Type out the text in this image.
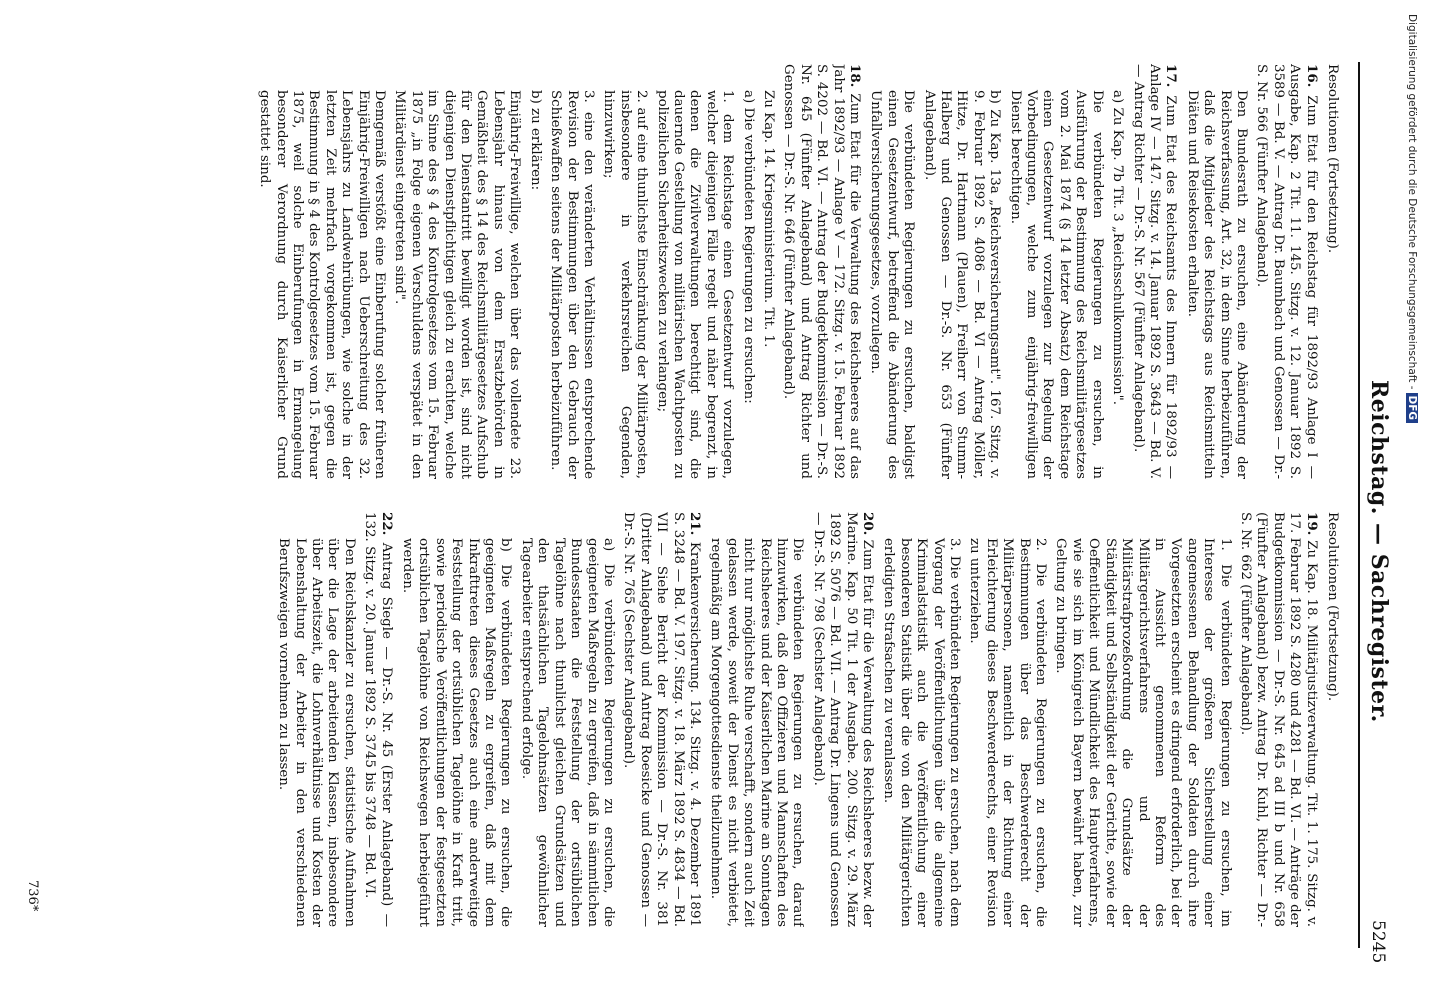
Reichstag. — Sachregister.
5245

Resolutionen (Fortsetzung).

16. Zum Etat für den Reichstag für 1892/93 Anlage I — Ausgabe, Kap. 2 Tit. 11. 145. Sitzg. v. 12. Januar 1892 S. 3589 — Bd. V. — Antrag Dr. Baumbach und Genossen — Dr.-S. Nr. 566 (Fünfter Anlageband).

Den Bundesrath zu ersuchen, eine Abänderung der Reichsverfassung, Art. 32, in dem Sinne herbeizuführen, daß die Mitglieder des Reichstags aus Reichsmitteln Diäten und Reisekosten erhalten.

17. Zum Etat des Reichsamts des Innern für 1892/93 — Anlage IV — 147. Sitzg. v. 14. Januar 1892 S. 3643 — Bd. V. — Antrag Richter — Dr.-S. Nr. 567 (Fünfter Anlageband).

a) Zu Kap. 7b Tit. 3 „Reichsschulkommission".

Die verbündeten Regierungen zu ersuchen, in Ausführung der Bestimmung des Reichsmilitärgesetzes vom 2. Mai 1874 (§ 14 letzter Absatz) dem Reichstage einen Gesetzentwurf vorzulegen zur Regelung der Vorbedingungen, welche zum einjährig-freiwilligen Dienst berechtigen.

b) Zu Kap. 13a „Reichsversicherungsamt". 167. Sitzg. v. 9. Februar 1892 S. 4086 — Bd. VI — Antrag Möller, Hitze, Dr. Hartmann (Plauen), Freiherr von Stumm-Halberg und Genossen — Dr.-S. Nr. 653 (Fünfter Anlageband).

Die verbündeten Regierungen zu ersuchen, baldigst einen Gesetzentwurf, betreffend die Abänderung des Unfallversicherungsgesetzes, vorzulegen.

18. Zum Etat für die Verwaltung des Reichsheeres auf das Jahr 1892/93 — Anlage V — 172. Sitzg. v. 15. Februar 1892 S. 4202 — Bd. VI. — Antrag der Budgetkommission — Dr.-S. Nr. 645 (Fünfter Anlageband) und Antrag Richter und Genossen — Dr.-S. Nr. 646 (Fünfter Anlageband).

Zu Kap. 14. Kriegsministerium. Tit. 1.

a) Die verbündeten Regierungen zu ersuchen:

1. dem Reichstage einen Gesetzentwurf vorzulegen, welcher diejenigen Fälle regelt und näher begrenzt, in denen die Zivilverwaltungen berechtigt sind, die dauernde Gestellung von militärischen Wachtposten zu polizeilichen Sicherheitszwecken zu verlangen;

2. auf eine thunlichste Einschränkung der Militärposten, insbesondere in verkehrsreichen Gegenden, hinzuwirken;

3. eine den veränderten Verhältnissen entsprechende Revision der Bestimmungen über den Gebrauch der Schießwaffen seitens der Militärposten herbeizuführen.

b) zu erklären:

Einjährig-Freiwillige, welchen über das vollendete 23. Lebensjahr hinaus von dem Ersatzbehörden in Gemäßheit des § 14 des Reichsmilitärgesetzes Aufschub für den Dienstantritt bewilligt worden ist, sind nicht diejenigen Dienstpflichtigen gleich zu erachten, welche im Sinne des § 4 des Kontrolgesetzes vom 15. Februar 1875 „in Folge eigenen Verschuldens verspätet in den Militärdienst eingetreten sind".

Demgemäß verstößt eine Einberufung solcher früheren Einjährig-Freiwilligen nach Ueberschreitung des 32. Lebensjahrs zu Landwehrübungen, wie solche in der letzten Zeit mehrfach vorgekommen ist, gegen die Bestimmung in § 4 des Kontrolgesetzes vom 15. Februar 1875, weil solche Einberufungen in Ermangelung besonderer Verordnung durch Kaiserlicher Grund gestattet sind.

Resolutionen (Fortsetzung).

19. Zu Kap. 18. Militärjustizverwaltung. Tit. 1. 175. Sitzg. v. 17. Februar 1892 S. 4280 und 4281 — Bd. VI. — Anträge der Budgetkommission — Dr.-S. Nr. 645 ad III b und Nr. 658 (Fünfter Anlageband) bezw. Antrag Dr. Kuhl, Richter — Dr.-S. Nr. 662 (Fünfter Anlageband).

1. Die verbündeten Regierungen zu ersuchen, im Interesse der größeren Sicherstellung einer angemessenen Behandlung der Soldaten durch ihre Vorgesetzten erscheint es dringend erforderlich, bei der in Aussicht genommenen Reform des Militärgerichtsverfahrens und der Militärstrafprozeßordnung die Grundsätze der Ständigkeit und Selbständigkeit der Gerichte, sowie der Oeffentlichkeit und Mündlichkeit des Hauptverfahrens, wie sie sich im Königreich Bayern bewährt haben, zur Geltung zu bringen.

2. Die verbündeten Regierungen zu ersuchen, die Bestimmungen über das Beschwerderecht der Militärpersonen, namentlich in der Richtung einer Erleichterung dieses Beschwerderechts, einer Revision zu unterziehen.

3. Die verbündeten Regierungen zu ersuchen, nach dem Vorgang der Veröffentlichungen über die allgemeine Kriminalstatistik auch die Veröffentlichung einer besonderen Statistik über die von den Militärgerichten erledigten Strafsachen zu veranlassen.

20. Zum Etat für die Verwaltung des Reichsheeres bezw. der Marine. Kap. 50 Tit. 1 der Ausgabe. 200. Sitzg. v. 29. März 1892 S. 5076 — Bd. VII. — Antrag Dr. Lingens und Genossen — Dr.-S. Nr. 798 (Sechster Anlageband).

Die verbündeten Regierungen zu ersuchen, darauf hinzuwirken, daß den Offizieren und Mannschaften des Reichsheeres und der Kaiserlichen Marine an Sonntagen nicht nur möglichste Ruhe verschafft, sondern auch Zeit gelassen werde, soweit der Dienst es nicht verbietet, regelmäßig am Morgengottesdienste theilzunehmen.

21. Krankenversicherung. 134. Sitzg. v. 4. Dezember 1891 S. 3248 — Bd. V. 197. Sitzg. v. 18. März 1892 S. 4834 — Bd. VII — Siehe Bericht der Kommission — Dr.-S. Nr. 381 (Dritter Anlageband) und Antrag Roesicke und Genossen — Dr.-S. Nr. 765 (Sechster Anlageband).

a) Die verbündeten Regierungen zu ersuchen, die geeigneten Maßregeln zu ergreifen, daß in sämmtlichen Bundesstaaten die Feststellung der ortsüblichen Tagelöhne nach thunlichst gleichen Grundsätzen und den thatsächlichen Tagelohnsätzen gewöhnlicher Tagearbeiter entsprechend erfolge.

b) Die verbündeten Regierungen zu ersuchen, die geeigneten Maßregeln zu ergreifen, daß mit dem Inkrafttreten dieses Gesetzes auch eine anderweitige Feststellung der ortsüblichen Tagelöhne in Kraft tritt, sowie periodische Veröffentlichungen der festgesetzten ortsüblichen Tagelöhne von Reichswegen herbeigeführt werden.

22. Antrag Siegle — Dr.-S. Nr. 45 (Erster Anlageband) — 132. Sitzg. v. 20. Januar 1892 S. 3745 bis 3748 — Bd. VI.

Den Reichskanzler zu ersuchen, statistische Aufnahmen über die Lage der arbeitenden Klassen, insbesondere über Arbeitszeit, die Lohnverhältnisse und Kosten der Lebenshaltung der Arbeiter in den verschiedenen Berufszweigen vornehmen zu lassen.

736*
Digitalisierung gefördert durch die Deutsche Forschungsgemeinschaft -DFG
